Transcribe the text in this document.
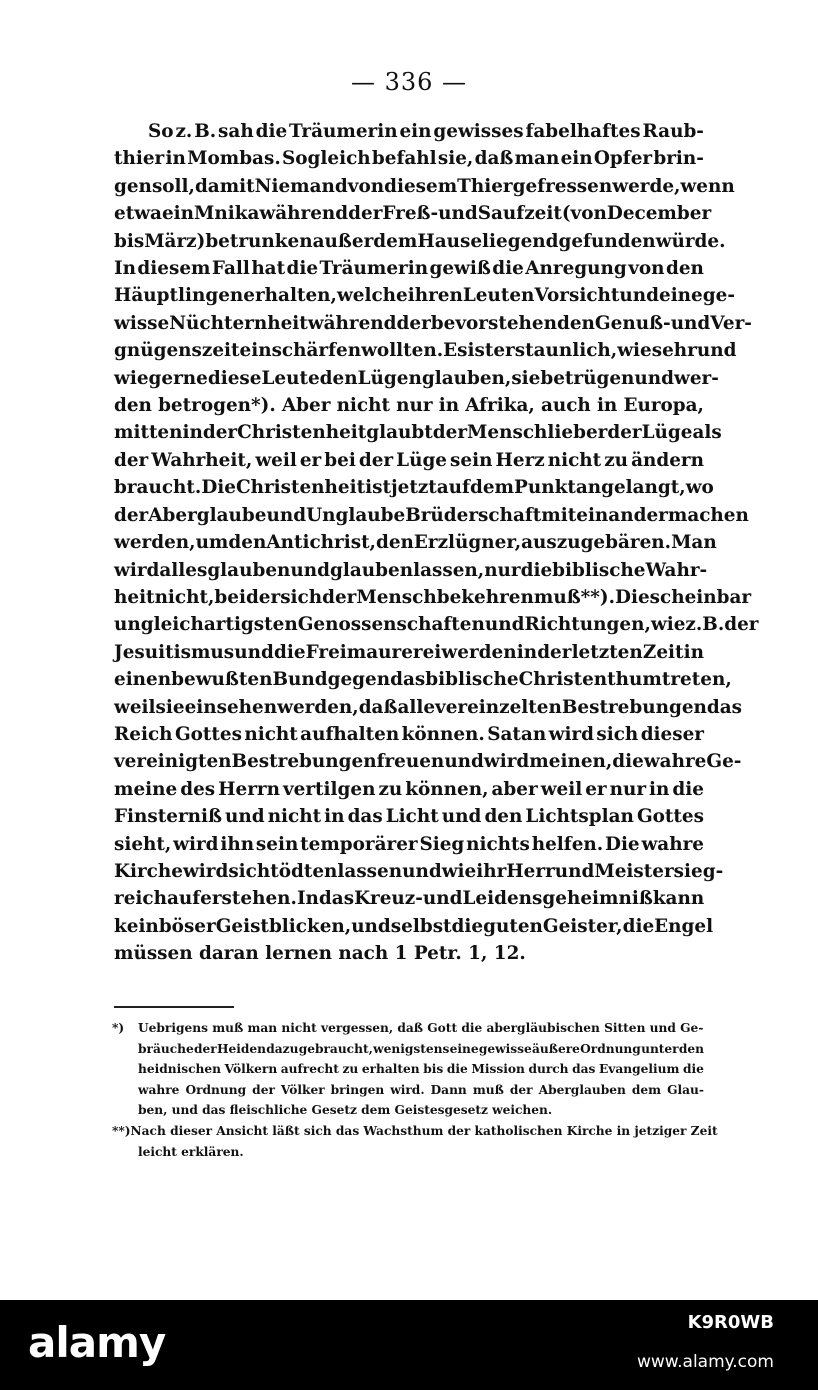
— 336 —
So z. B. sah die Träumerin ein gewisses fabelhaftes Raub-
thier in Mombas. Sogleich befahl sie, daß man ein Opfer brin-
gen soll, damit Niemand von diesem Thier gefressen werde, wenn
etwa ein Mnika während der Freß- und Saufzeit (von December
bis März) betrunken außer dem Hause liegend gefunden würde.
In diesem Fall hat die Träumerin gewiß die Anregung von den
Häuptlingen erhalten, welche ihren Leuten Vorsicht und eine ge-
wisse Nüchternheit während der bevorstehenden Genuß- und Ver-
gnügenszeit einschärfen wollten. Es ist erstaunlich, wie sehr und
wie gerne diese Leute den Lügen glauben, sie betrügen und wer-
den betrogen*). Aber nicht nur in Afrika, auch in Europa,
mitten in der Christenheit glaubt der Mensch lieber der Lüge als
der Wahrheit, weil er bei der Lüge sein Herz nicht zu ändern
braucht. Die Christenheit ist jetzt auf dem Punkt angelangt, wo
der Aberglaube und Unglaube Brüderschaft mit einander machen
werden, um den Antichrist, den Erzlügner, auszugebären. Man
wird alles glauben und glauben lassen, nur die biblische Wahr-
heit nicht, bei der sich der Mensch bekehren muß**). Die scheinbar
ungleichartigsten Genossenschaften und Richtungen, wie z. B. der
Jesuitismus und die Freimaurerei werden in der letzten Zeit in
einen bewußten Bund gegen das biblische Christenthum treten,
weil sie einsehen werden, daß alle vereinzelten Bestrebungen das
Reich Gottes nicht aufhalten können. Satan wird sich dieser
vereinigten Bestrebungen freuen und wird meinen, die wahre Ge-
meine des Herrn vertilgen zu können, aber weil er nur in die
Finsterniß und nicht in das Licht und den Lichtsplan Gottes
sieht, wird ihn sein temporärer Sieg nichts helfen. Die wahre
Kirche wird sich tödten lassen und wie ihr Herr und Meister sieg-
reich auferstehen. In das Kreuz- und Leidensgeheimniß kann
kein böser Geist blicken, und selbst die guten Geister, die Engel
müssen daran lernen nach 1 Petr. 1, 12.
*)	Uebrigens muß man nicht vergessen, daß Gott die abergläubischen Sitten und Ge-
bräuche der Heiden dazu gebraucht, wenigstens eine gewisse äußere Ordnung unter den
heidnischen Völkern aufrecht zu erhalten bis die Mission durch das Evangelium die
wahre Ordnung der Völker bringen wird. Dann muß der Aberglauben dem Glau-
ben, und das fleischliche Gesetz dem Geistesgesetz weichen.
**) Nach dieser Ansicht läßt sich das Wachsthum der katholischen Kirche in jetziger Zeit
leicht erklären.
alamy	K9R0WB
www.alamy.com
